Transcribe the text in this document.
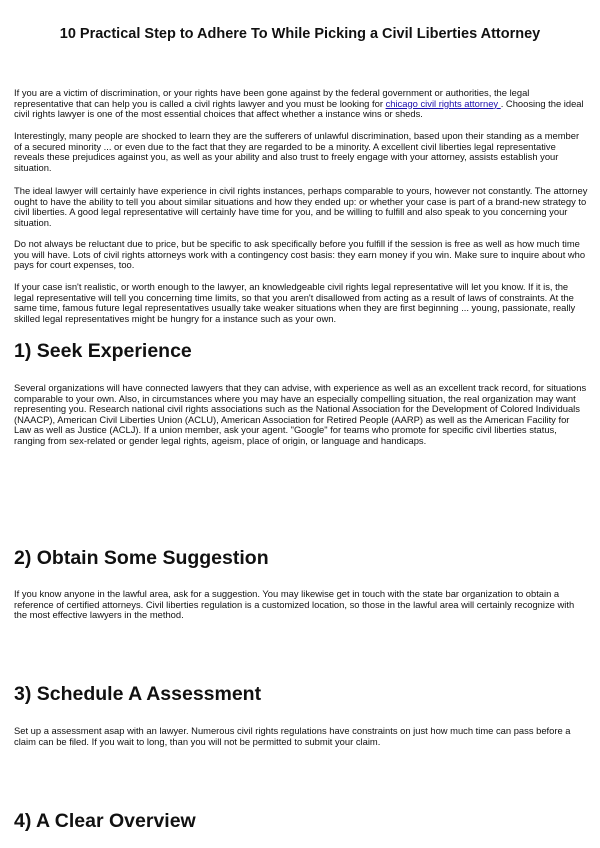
10 Practical Step to Adhere To While Picking a Civil Liberties Attorney

If you are a victim of discrimination, or your rights have been gone against by the federal government or authorities, the legal representative that can help you is called a civil rights lawyer and you must be looking for chicago civil rights attorney . Choosing the ideal civil rights lawyer is one of the most essential choices that affect whether a instance wins or sheds.

Interestingly, many people are shocked to learn they are the sufferers of unlawful discrimination, based upon their standing as a member of a secured minority ... or even due to the fact that they are regarded to be a minority. A excellent civil liberties legal representative reveals these prejudices against you, as well as your ability and also trust to freely engage with your attorney, assists establish your situation.

The ideal lawyer will certainly have experience in civil rights instances, perhaps comparable to yours, however not constantly. The attorney ought to have the ability to tell you about similar situations and how they ended up: or whether your case is part of a brand-new strategy to civil liberties. A good legal representative will certainly have time for you, and be willing to fulfill and also speak to you concerning your situation.

Do not always be reluctant due to price, but be specific to ask specifically before you fulfill if the session is free as well as how much time you will have. Lots of civil rights attorneys work with a contingency cost basis: they earn money if you win. Make sure to inquire about who pays for court expenses, too.

If your case isn't realistic, or worth enough to the lawyer, an knowledgeable civil rights legal representative will let you know. If it is, the legal representative will tell you concerning time limits, so that you aren't disallowed from acting as a result of laws of constraints. At the same time, famous future legal representatives usually take weaker situations when they are first beginning ... young, passionate, really skilled legal representatives might be hungry for a instance such as your own.

1) Seek Experience

Several organizations will have connected lawyers that they can advise, with experience as well as an excellent track record, for situations comparable to your own. Also, in circumstances where you may have an especially compelling situation, the real organization may want representing you. Research national civil rights associations such as the National Association for the Development of Colored Individuals (NAACP), American Civil Liberties Union (ACLU), American Association for Retired People (AARP) as well as the American Facility for Law as well as Justice (ACLJ). If a union member, ask your agent. "Google" for teams who promote for specific civil liberties status, ranging from sex-related or gender legal rights, ageism, place of origin, or language and handicaps.

2) Obtain Some Suggestion

If you know anyone in the lawful area, ask for a suggestion. You may likewise get in touch with the state bar organization to obtain a reference of certified attorneys. Civil liberties regulation is a customized location, so those in the lawful area will certainly recognize with the most effective lawyers in the method.

3) Schedule A Assessment

Set up a assessment asap with an lawyer. Numerous civil rights regulations have constraints on just how much time can pass before a claim can be filed. If you wait to long, than you will not be permitted to submit your claim.

4) A Clear Overview
